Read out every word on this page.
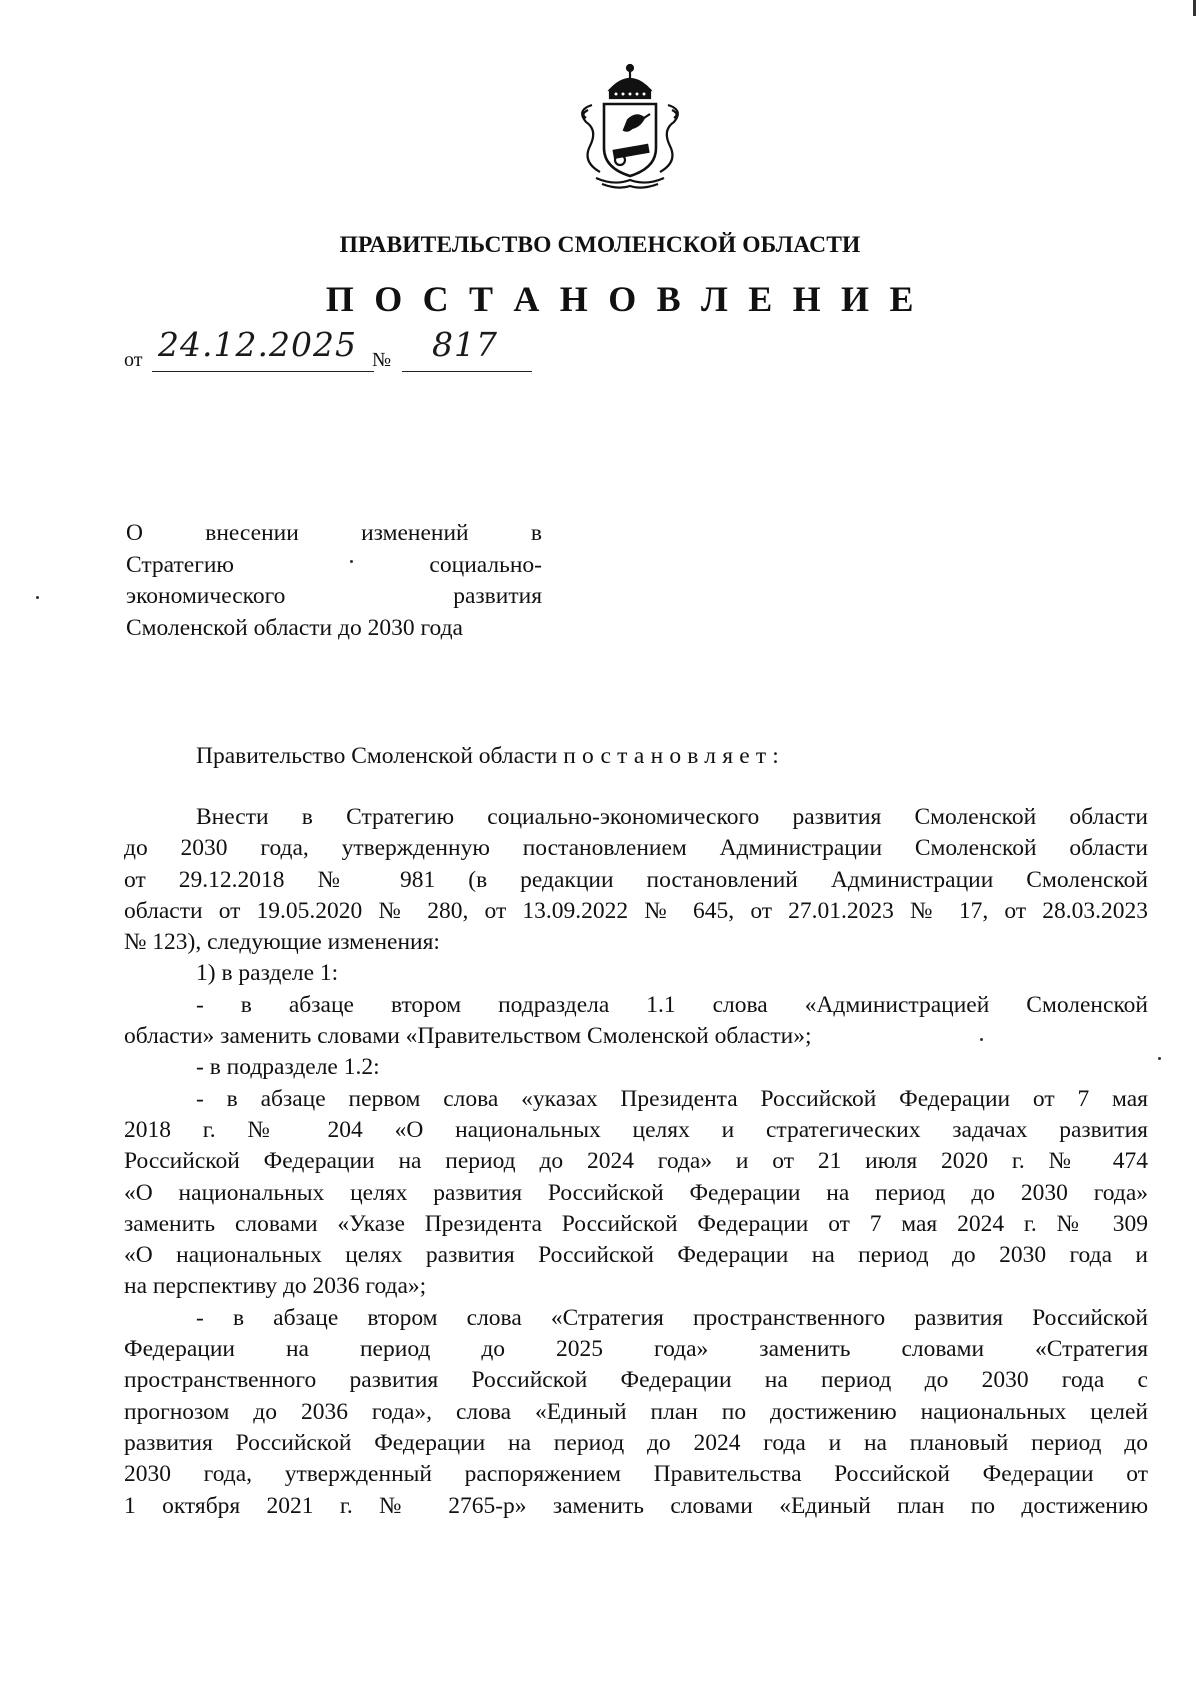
ПРАВИТЕЛЬСТВО СМОЛЕНСКОЙ ОБЛАСТИ
П О С Т А Н О В Л Е Н И Е
от 24.12.2025 № 817
О внесении изменений в
Стратегию социально-
экономического развития
Смоленской области до 2030 года
Правительство Смоленской области постановляет:
Внести в Стратегию социально-экономического развития Смоленской области
до 2030 года, утвержденную постановлением Администрации Смоленской области
от 29.12.2018 № 981 (в редакции постановлений Администрации Смоленской
области от 19.05.2020 № 280, от 13.09.2022 № 645, от 27.01.2023 № 17, от 28.03.2023
№ 123), следующие изменения:
1) в разделе 1:
- в абзаце втором подраздела 1.1 слова «Администрацией Смоленской
области» заменить словами «Правительством Смоленской области»;
- в подразделе 1.2:
- в абзаце первом слова «указах Президента Российской Федерации от 7 мая
2018 г. № 204 «О национальных целях и стратегических задачах развития
Российской Федерации на период до 2024 года» и от 21 июля 2020 г. № 474
«О национальных целях развития Российской Федерации на период до 2030 года»
заменить словами «Указе Президента Российской Федерации от 7 мая 2024 г. № 309
«О национальных целях развития Российской Федерации на период до 2030 года и
на перспективу до 2036 года»;
- в абзаце втором слова «Стратегия пространственного развития Российской
Федерации на период до 2025 года» заменить словами «Стратегия
пространственного развития Российской Федерации на период до 2030 года с
прогнозом до 2036 года», слова «Единый план по достижению национальных целей
развития Российской Федерации на период до 2024 года и на плановый период до
2030 года, утвержденный распоряжением Правительства Российской Федерации от
1 октября 2021 г. № 2765-р» заменить словами «Единый план по достижению
